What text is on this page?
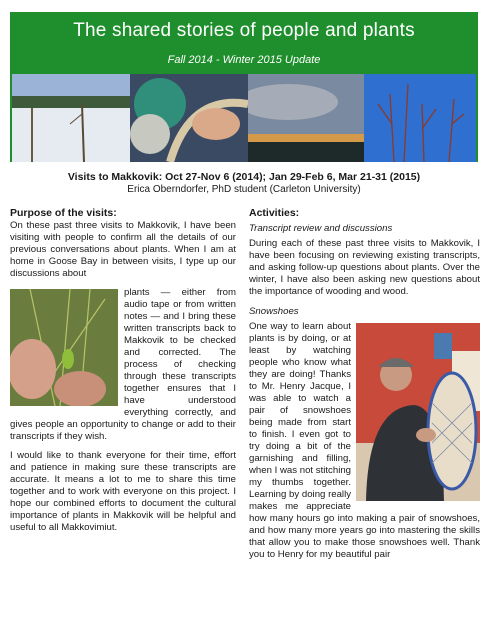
The shared stories of people and plants
Fall 2014 - Winter 2015 Update
Visits to Makkovik: Oct 27-Nov 6 (2014); Jan 29-Feb 6, Mar 21-31 (2015)
Erica Oberndorfer, PhD student (Carleton University)
Purpose of the visits:

On these past three visits to Makkovik, I have been visiting with people to confirm all the details of our previous conversations about plants. When I am at home in Goose Bay in between visits, I type up our discussions about

plants — either from audio tape or from written notes — and I bring these written transcripts back to Makkovik to be checked and corrected. The process of checking through these transcripts together ensures that I have understood everything correctly, and gives people an opportunity to change or add to their transcripts if they wish.

I would like to thank everyone for their time, effort and patience in making sure these transcripts are accurate. It means a lot to me to share this time together and to work with everyone on this project. I hope our combined efforts to document the cultural importance of plants in Makkovik will be helpful and useful to all Makkovimiut.

Activities:
Transcript review and discussions

During each of these past three visits to Makkovik, I have been focusing on reviewing existing transcripts, and asking follow-up questions about plants. Over the winter, I have also been asking new questions about the importance of wooding and wood.

Snowshoes

One way to learn about plants is by doing, or at least by watching people who know what they are doing! Thanks to Mr. Henry Jacque, I was able to watch a pair of snowshoes being made from start to finish. I even got to try doing a bit of the garnishing and filling, when I was not stitching my thumbs together. Learning by doing really makes me appreciate how many hours go into making a pair of snowshoes, and how many more years go into mastering the skills that allow you to make those snowshoes well. Thank you to Henry for my beautiful pair
